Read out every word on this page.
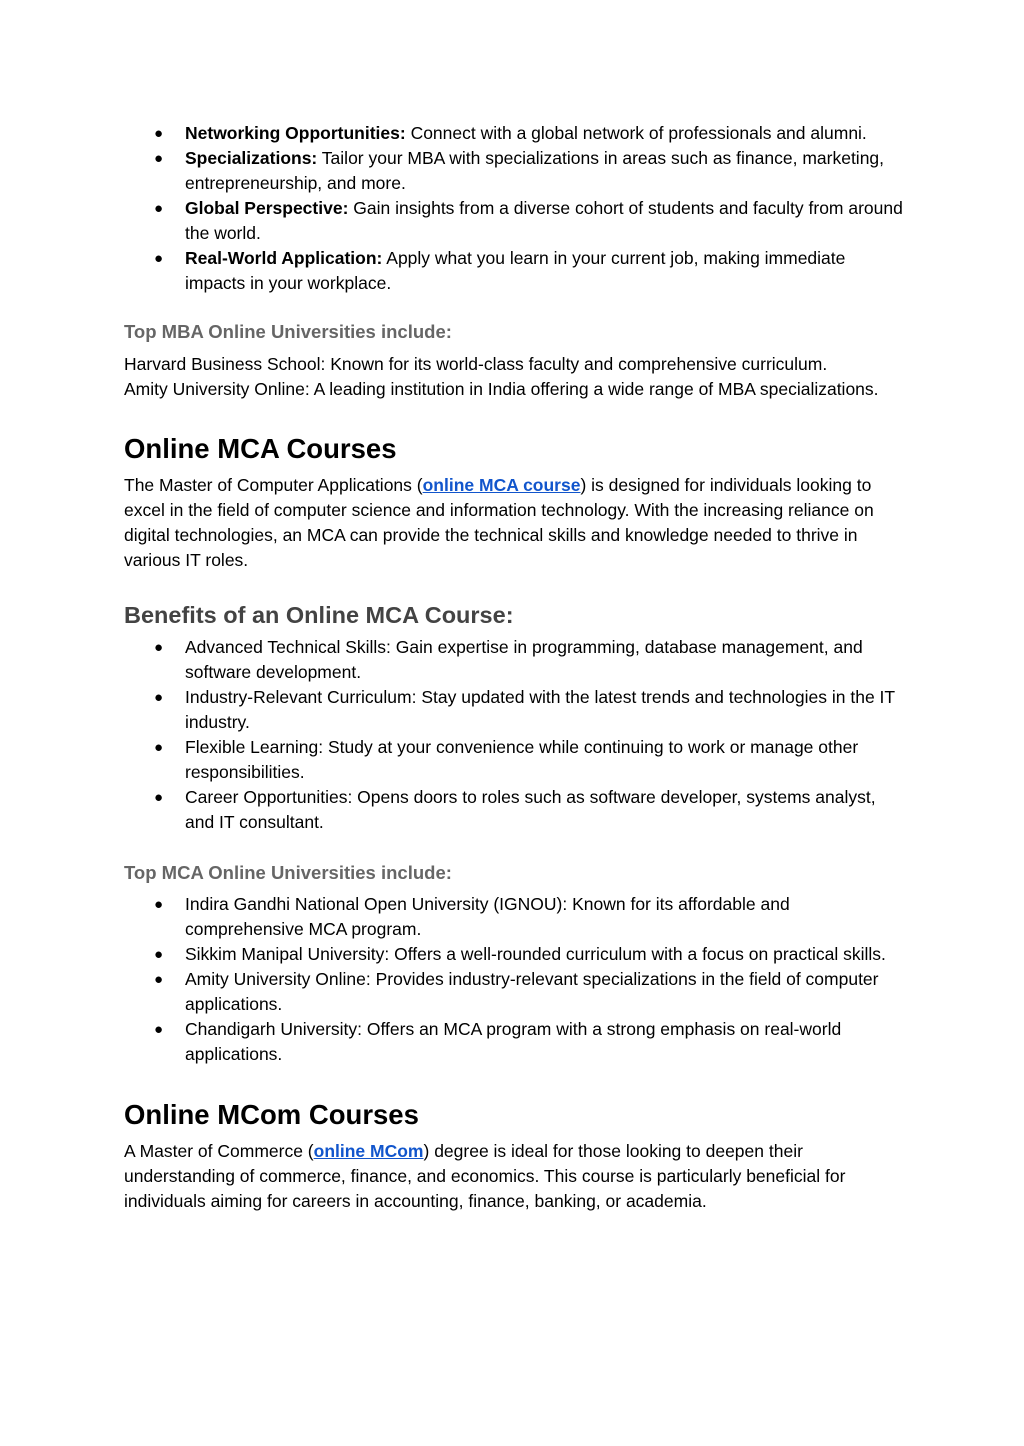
● Networking Opportunities: Connect with a global network of professionals and alumni.
● Specializations: Tailor your MBA with specializations in areas such as finance, marketing, entrepreneurship, and more.
● Global Perspective: Gain insights from a diverse cohort of students and faculty from around the world.
● Real-World Application: Apply what you learn in your current job, making immediate impacts in your workplace.
Top MBA Online Universities include:

Harvard Business School: Known for its world-class faculty and comprehensive curriculum.

Amity University Online: A leading institution in India offering a wide range of MBA specializations.

Online MCA Courses

The Master of Computer Applications (online MCA course) is designed for individuals looking to excel in the field of computer science and information technology. With the increasing reliance on digital technologies, an MCA can provide the technical skills and knowledge needed to thrive in various IT roles.

Benefits of an Online MCA Course:
● Advanced Technical Skills: Gain expertise in programming, database management, and software development.
● Industry-Relevant Curriculum: Stay updated with the latest trends and technologies in the IT industry.
● Flexible Learning: Study at your convenience while continuing to work or manage other responsibilities.
● Career Opportunities: Opens doors to roles such as software developer, systems analyst, and IT consultant.
Top MCA Online Universities include:
● Indira Gandhi National Open University (IGNOU): Known for its affordable and comprehensive MCA program.
● Sikkim Manipal University: Offers a well-rounded curriculum with a focus on practical skills.
● Amity University Online: Provides industry-relevant specializations in the field of computer applications.
● Chandigarh University: Offers an MCA program with a strong emphasis on real-world applications.
Online MCom Courses

A Master of Commerce (online MCom) degree is ideal for those looking to deepen their understanding of commerce, finance, and economics. This course is particularly beneficial for individuals aiming for careers in accounting, finance, banking, or academia.
